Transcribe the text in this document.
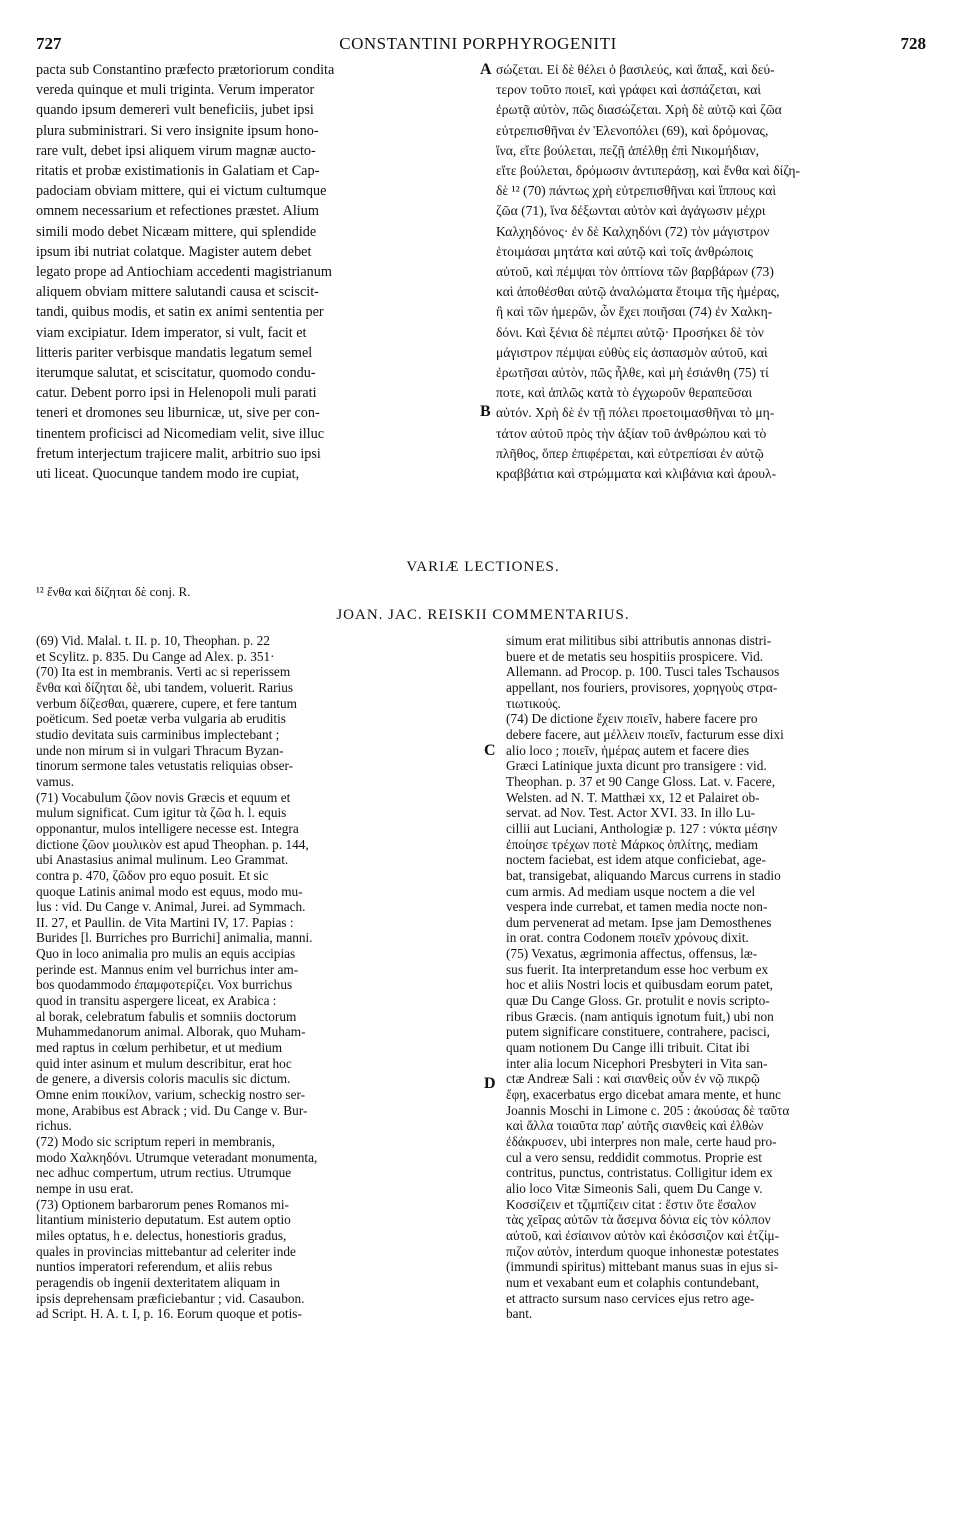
727	CONSTANTINI PORPHYROGENITI	728
pacta sub Constantino præfecto prætoriorum condita
vereda quinque et muli triginta. Verum imperator
quando ipsum demereri vult beneficiis, jubet ipsi
plura subministrari. Si vero insignite ipsum hono-
rare vult, debet ipsi aliquem virum magnæ aucto-
ritatis et probæ existimationis in Galatiam et Cap-
padociam obviam mittere, qui ei victum cultumque
omnem necessarium et refectiones præstet. Alium
simili modo debet Nicæam mittere, qui splendide
ipsum ibi nutriat colatque. Magister autem debet
legato prope ad Antiochiam accedenti magistrianum
aliquem obviam mittere salutandi causa et sciscit-
tandi, quibus modis, et satin ex animi sententia per
viam excipiatur. Idem imperator, si vult, facit et
litteris pariter verbisque mandatis legatum semel
iterumque salutat, et sciscitatur, quomodo condu-
catur. Debent porro ipsi in Helenopoli muli parati
teneri et dromones seu liburnicæ, ut, sive per con-
tinentem proficisci ad Nicomediam velit, sive illuc
fretum interjectum trajicere malit, arbitrio suo ipsi
uti liceat. Quocunque tandem modo ire cupiat,
σώζεται. Εἰ δὲ θέλει ὁ βασιλεύς, καὶ ἅπαξ, καὶ δεύ-
τερον τοῦτο ποιεῖ, καὶ γράφει καὶ ἀσπάζεται, καὶ
ἐρωτᾷ αὐτὸν, πῶς διασώζεται. Χρὴ δὲ αὐτῷ καὶ ζῶα
εὐτρεπισθῆναι ἐν Ἑλενοπόλει (69), καὶ δρόμονας,
ἵνα, εἴτε βούλεται, πεζῇ ἀπέλθῃ ἐπὶ Νικομήδιαν,
εἴτε βούλεται, δρόμωσιν ἀντιπεράσῃ, καὶ ἔνθα καὶ δίζη-
δὲ ¹² (70) πάντως χρὴ εὐτρεπισθῆναι καὶ ἵππους καὶ
ζῶα (71), ἵνα δέξωνται αὐτὸν καὶ ἀγάγωσιν μέχρι
Καλχηδόνος· ἐν δὲ Καλχηδόνι (72) τὸν μάγιστρον
ἑτοιμάσαι μητάτα καὶ αὐτῷ καὶ τοῖς ἀνθρώποις
αὐτοῦ, καὶ πέμψαι τὸν ὀπτίονα τῶν βαρβάρων (73)
καὶ ἀποθέσθαι αὐτῷ ἀναλώματα ἕτοιμα τῆς ἡμέρας,
ἢ καὶ τῶν ἡμερῶν, ὧν ἔχει ποιῆσαι (74) ἐν Χαλκη-
δόνι. Καὶ ξένια δὲ πέμπει αὐτῷ· Προσήκει δὲ τὸν
μάγιστρον πέμψαι εὐθὺς εἰς ἀσπασμὸν αὐτοῦ, καὶ
ἐρωτῆσαι αὐτὸν, πῶς ἦλθε, καὶ μὴ ἐσιάνθη (75) τί
ποτε, καὶ ἁπλῶς κατὰ τὸ ἐγχωροῦν θεραπεῦσαι
αὐτόν. Χρὴ δὲ ἐν τῇ πόλει προετοιμασθῆναι τὸ μη-
τάτον αὐτοῦ πρὸς τὴν ἀξίαν τοῦ ἀνθρώπου καὶ τὸ
πλῆθος, ὅπερ ἐπιφέρεται, καὶ εὐτρεπίσαι ἐν αὐτῷ
κραββάτια καὶ στρώμματα καὶ κλιβάνια καὶ ἀρουλ-
A
B
VARIÆ LECTIONES.
¹² ἔνθα καὶ δίζηται δὲ conj. R.
JOAN. JAC. REISKII COMMENTARIUS.
(69) Vid. Malal. t. II. p. 10, Theophan. p. 22
et Scylitz. p. 835. Du Cange ad Alex. p. 351·
(70) Ita est in membranis. Verti ac si reperissem
ἔνθα καὶ δίζηται δὲ, ubi tandem, voluerit. Rarius
verbum δίζεσθαι, quærere, cupere, et fere tantum
poëticum. Sed poetæ verba vulgaria ab eruditis
studio devitata suis carminibus implectebant ;
unde non mirum si in vulgari Thracum Byzan-
tinorum sermone tales vetustatis reliquias obser-
vamus.
(71) Vocabulum ζῶον novis Græcis et equum et
mulum significat. Cum igitur τὰ ζῶα h. l. equis
opponantur, mulos intelligere necesse est. Integra
dictione ζῶον μουλικὸν est apud Theophan. p. 144,
ubi Anastasius animal mulinum. Leo Grammat.
contra p. 470, ζῶδον pro equo posuit. Et sic
quoque Latinis animal modo est equus, modo mu-
lus : vid. Du Cange v. Animal, Jurei. ad Symmach.
II. 27, et Paullin. de Vita Martini IV, 17. Papias :
Burides [l. Burriches pro Burrichi] animalia, manni.
Quo in loco animalia pro mulis an equis accipias
perinde est. Mannus enim vel burrichus inter am-
bos quodammodo ἐπαμφοτερίζει. Vox burrichus
quod in transitu aspergere liceat, ex Arabica :
al borak, celebratum fabulis et somniis doctorum
Muhammedanorum animal. Alborak, quo Muham-
med raptus in cœlum perhibetur, et ut medium
quid inter asinum et mulum describitur, erat hoc
de genere, a diversis coloris maculis sic dictum.
Omne enim ποικίλον, varium, scheckig nostro ser-
mone, Arabibus est Abrack ; vid. Du Cange v. Bur-
richus.
(72) Modo sic scriptum reperi in membranis,
modo Χαλκηδόνι. Utrumque veteradant monumenta,
nec adhuc compertum, utrum rectius. Utrumque
nempe in usu erat.
(73) Optionem barbarorum penes Romanos mi-
litantium ministerio deputatum. Est autem optio
miles optatus, h e. delectus, honestioris gradus,
quales in provincias mittebantur ad celeriter inde
nuntios imperatori referendum, et aliis rebus
peragendis ob ingenii dexteritatem aliquam in
ipsis deprehensam præficiebantur ; vid. Casaubon.
ad Script. H. A. t. I, p. 16. Eorum quoque et potis-
simum erat militibus sibi attributis annonas distri-
buere et de metatis seu hospitiis prospicere. Vid.
Allemann. ad Procop. p. 100. Tusci tales Tschausos
appellant, nos fouriers, provisores, χορηγοὺς στρα-
τιωτικούς.
(74) De dictione ἔχειν ποιεῖν, habere facere pro
debere facere, aut μέλλειν ποιεῖν, facturum esse dixi
alio loco ; ποιεῖν, ἡμέρας autem et facere dies
Græci Latinique juxta dicunt pro transigere : vid.
Theophan. p. 37 et 90 Cange Gloss. Lat. v. Facere,
Welsten. ad N. T. Matthæi xx, 12 et Palairet ob-
servat. ad Nov. Test. Actor XVI. 33. In illo Lu-
cillii aut Luciani, Anthologiæ p. 127 : νύκτα μέσην
ἐποίησε τρέχων ποτὲ Μάρκος ὁπλίτης, mediam
noctem faciebat, est idem atque conficiebat, age-
bat, transigebat, aliquando Marcus currens in stadio
cum armis. Ad mediam usque noctem a die vel
vespera inde currebat, et tamen media nocte non-
dum pervenerat ad metam. Ipse jam Demosthenes
in orat. contra Codonem ποιεῖν χρόνους dixit.
(75) Vexatus, ægrimonia affectus, offensus, læ-
sus fuerit. Ita interpretandum esse hoc verbum ex
hoc et aliis Nostri locis et quibusdam eorum patet,
quæ Du Cange Gloss. Gr. protulit e novis scripto-
ribus Græcis. (nam antiquis ignotum fuit,) ubi non
putem significare constituere, contrahere, pacisci,
quam notionem Du Cange illi tribuit. Citat ibi
inter alia locum Nicephori Presbyteri in Vita san-
ctæ Andreæ Sali : καὶ σιανθεὶς οὖν ἐν νῷ πικρῷ
ἔφη, exacerbatus ergo dicebat amara mente, et hunc
Joannis Moschi in Limone c. 205 : ἀκούσας δὲ ταῦτα
καὶ ἄλλα τοιαῦτα παρ' αὐτῆς σιανθεὶς καὶ ἐλθὼν
ἐδάκρυσεν, ubi interpres non male, certe haud pro-
cul a vero sensu, reddidit commotus. Proprie est
contritus, punctus, contristatus. Colligitur idem ex
alio loco Vitæ Simeonis Sali, quem Du Cange v.
Κοσσίζειν et τζιμπίζειν citat : ἔστιν ὅτε ἔσαλον
τὰς χεῖρας αὐτῶν τὰ ἄσεμνα δόνια εἰς τὸν κόλπον
αὐτοῦ, καὶ ἐσίαινον αὐτὸν καὶ ἐκόσσιζον καὶ ἐτζίμ-
πιζον αὐτὸν, interdum quoque inhonestæ potestates
(immundi spiritus) mittebant manus suas in ejus si-
num et vexabant eum et colaphis contundebant,
et attracto sursum naso cervices ejus retro age-
bant.
C
D
